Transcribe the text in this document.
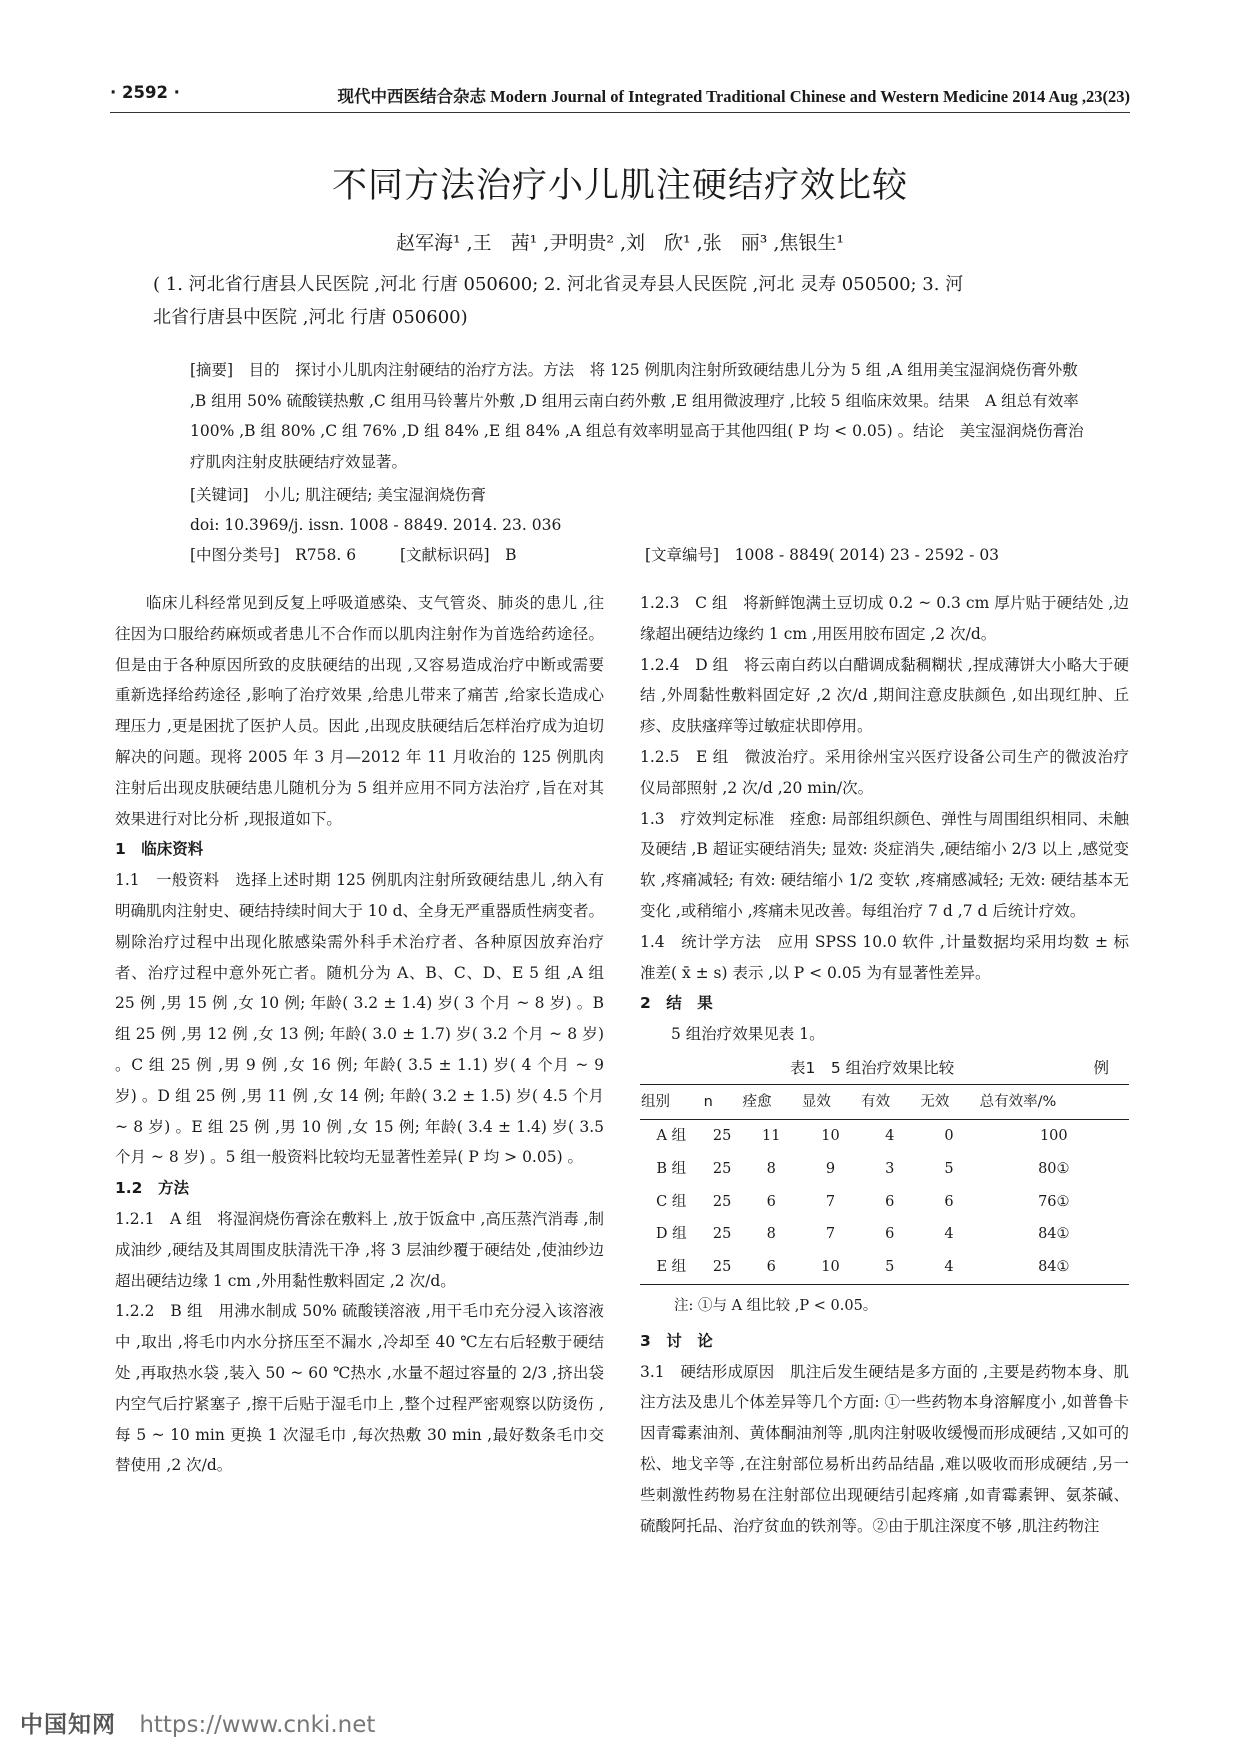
· 2592 ·	现代中西医结合杂志 Modern Journal of Integrated Traditional Chinese and Western Medicine 2014 Aug ,23(23)
不同方法治疗小儿肌注硬结疗效比较
赵军海¹ ,王　茜¹ ,尹明贵² ,刘　欣¹ ,张　丽³ ,焦银生¹
( 1. 河北省行唐县人民医院 ,河北 行唐 050600; 2. 河北省灵寿县人民医院 ,河北 灵寿 050500; 3. 河
北省行唐县中医院 ,河北 行唐 050600)

[摘要]　目的　探讨小儿肌肉注射硬结的治疗方法。方法　将 125 例肌肉注射所致硬结患儿分为 5 组 ,A 组用美宝湿润烧伤膏外敷 ,B 组用 50% 硫酸镁热敷 ,C 组用马铃薯片外敷 ,D 组用云南白药外敷 ,E 组用微波理疗 ,比较 5 组临床效果。结果　A 组总有效率 100% ,B 组 80% ,C 组 76% ,D 组 84% ,E 组 84% ,A 组总有效率明显高于其他四组( P 均 < 0.05) 。结论　美宝湿润烧伤膏治疗肌肉注射皮肤硬结疗效显著。

[关键词]　小儿; 肌注硬结; 美宝湿润烧伤膏
doi: 10.3969/j. issn. 1008 - 8849. 2014. 23. 036
[中图分类号]　R758. 6	[文献标识码]　B	[文章编号]　1008 - 8849( 2014) 23 - 2592 - 03

临床儿科经常见到反复上呼吸道感染、支气管炎、肺炎的患儿 ,往往因为口服给药麻烦或者患儿不合作而以肌肉注射作为首选给药途径。但是由于各种原因所致的皮肤硬结的出现 ,又容易造成治疗中断或需要重新选择给药途径 ,影响了治疗效果 ,给患儿带来了痛苦 ,给家长造成心理压力 ,更是困扰了医护人员。因此 ,出现皮肤硬结后怎样治疗成为迫切解决的问题。现将 2005 年 3 月—2012 年 11 月收治的 125 例肌肉注射后出现皮肤硬结患儿随机分为 5 组并应用不同方法治疗 ,旨在对其效果进行对比分析 ,现报道如下。

1　临床资料

1.1　一般资料　选择上述时期 125 例肌肉注射所致硬结患儿 ,纳入有明确肌肉注射史、硬结持续时间大于 10 d、全身无严重器质性病变者。剔除治疗过程中出现化脓感染需外科手术治疗者、各种原因放弃治疗者、治疗过程中意外死亡者。随机分为 A、B、C、D、E 5 组 ,A 组 25 例 ,男 15 例 ,女 10 例; 年龄( 3.2 ± 1.4) 岁( 3 个月 ~ 8 岁) 。B 组 25 例 ,男 12 例 ,女 13 例; 年龄( 3.0 ± 1.7) 岁( 3.2 个月 ~ 8 岁) 。C 组 25 例 ,男 9 例 ,女 16 例; 年龄( 3.5 ± 1.1) 岁( 4 个月 ~ 9 岁) 。D 组 25 例 ,男 11 例 ,女 14 例; 年龄( 3.2 ± 1.5) 岁( 4.5 个月 ~ 8 岁) 。E 组 25 例 ,男 10 例 ,女 15 例; 年龄( 3.4 ± 1.4) 岁( 3.5 个月 ~ 8 岁) 。5 组一般资料比较均无显著性差异( P 均 > 0.05) 。

1.2　方法

1.2.1　A 组　将湿润烧伤膏涂在敷料上 ,放于饭盒中 ,高压蒸汽消毒 ,制成油纱 ,硬结及其周围皮肤清洗干净 ,将 3 层油纱覆于硬结处 ,使油纱边超出硬结边缘 1 cm ,外用黏性敷料固定 ,2 次/d。

1.2.2　B 组　用沸水制成 50% 硫酸镁溶液 ,用干毛巾充分浸入该溶液中 ,取出 ,将毛巾内水分挤压至不漏水 ,冷却至 40 ℃左右后轻敷于硬结处 ,再取热水袋 ,装入 50 ~ 60 ℃热水 ,水量不超过容量的 2/3 ,挤出袋内空气后拧紧塞子 ,擦干后贴于湿毛巾上 ,整个过程严密观察以防烫伤 ,每 5 ~ 10 min 更换 1 次湿毛巾 ,每次热敷 30 min ,最好数条毛巾交替使用 ,2 次/d。

1.2.3　C 组　将新鲜饱满土豆切成 0.2 ~ 0.3 cm 厚片贴于硬结处 ,边缘超出硬结边缘约 1 cm ,用医用胶布固定 ,2 次/d。

1.2.4　D 组　将云南白药以白醋调成黏稠糊状 ,捏成薄饼大小略大于硬结 ,外周黏性敷料固定好 ,2 次/d ,期间注意皮肤颜色 ,如出现红肿、丘疹、皮肤瘙痒等过敏症状即停用。

1.2.5　E 组　微波治疗。采用徐州宝兴医疗设备公司生产的微波治疗仪局部照射 ,2 次/d ,20 min/次。

1.3　疗效判定标准　痊愈: 局部组织颜色、弹性与周围组织相同、未触及硬结 ,B 超证实硬结消失; 显效: 炎症消失 ,硬结缩小 2/3 以上 ,感觉变软 ,疼痛减轻; 有效: 硬结缩小 1/2 变软 ,疼痛感减轻; 无效: 硬结基本无变化 ,或稍缩小 ,疼痛未见改善。每组治疗 7 d ,7 d 后统计疗效。

1.4　统计学方法　应用 SPSS 10.0 软件 ,计量数据均采用均数 ± 标准差( x̄ ± s) 表示 ,以 P < 0.05 为有显著性差异。

2　结　果

5 组治疗效果见表 1。

表1　5 组治疗效果比较	例
组别	n	痊愈	显效	有效	无效	总有效率/%
A 组	25	11	10	4	0	100
B 组	25	8	9	3	5	80①
C 组	25	6	7	6	6	76①
D 组	25	8	7	6	4	84①
E 组	25	6	10	5	4	84①
注: ①与 A 组比较 ,P < 0.05。

3　讨　论

3.1　硬结形成原因　肌注后发生硬结是多方面的 ,主要是药物本身、肌注方法及患儿个体差异等几个方面: ①一些药物本身溶解度小 ,如普鲁卡因青霉素油剂、黄体酮油剂等 ,肌肉注射吸收缓慢而形成硬结 ,又如可的松、地戈辛等 ,在注射部位易析出药品结晶 ,难以吸收而形成硬结 ,另一些刺激性药物易在注射部位出现硬结引起疼痛 ,如青霉素钾、氨茶碱、硫酸阿托品、治疗贫血的铁剂等。②由于肌注深度不够 ,肌注药物注

中国知网 https://www.cnki.net
